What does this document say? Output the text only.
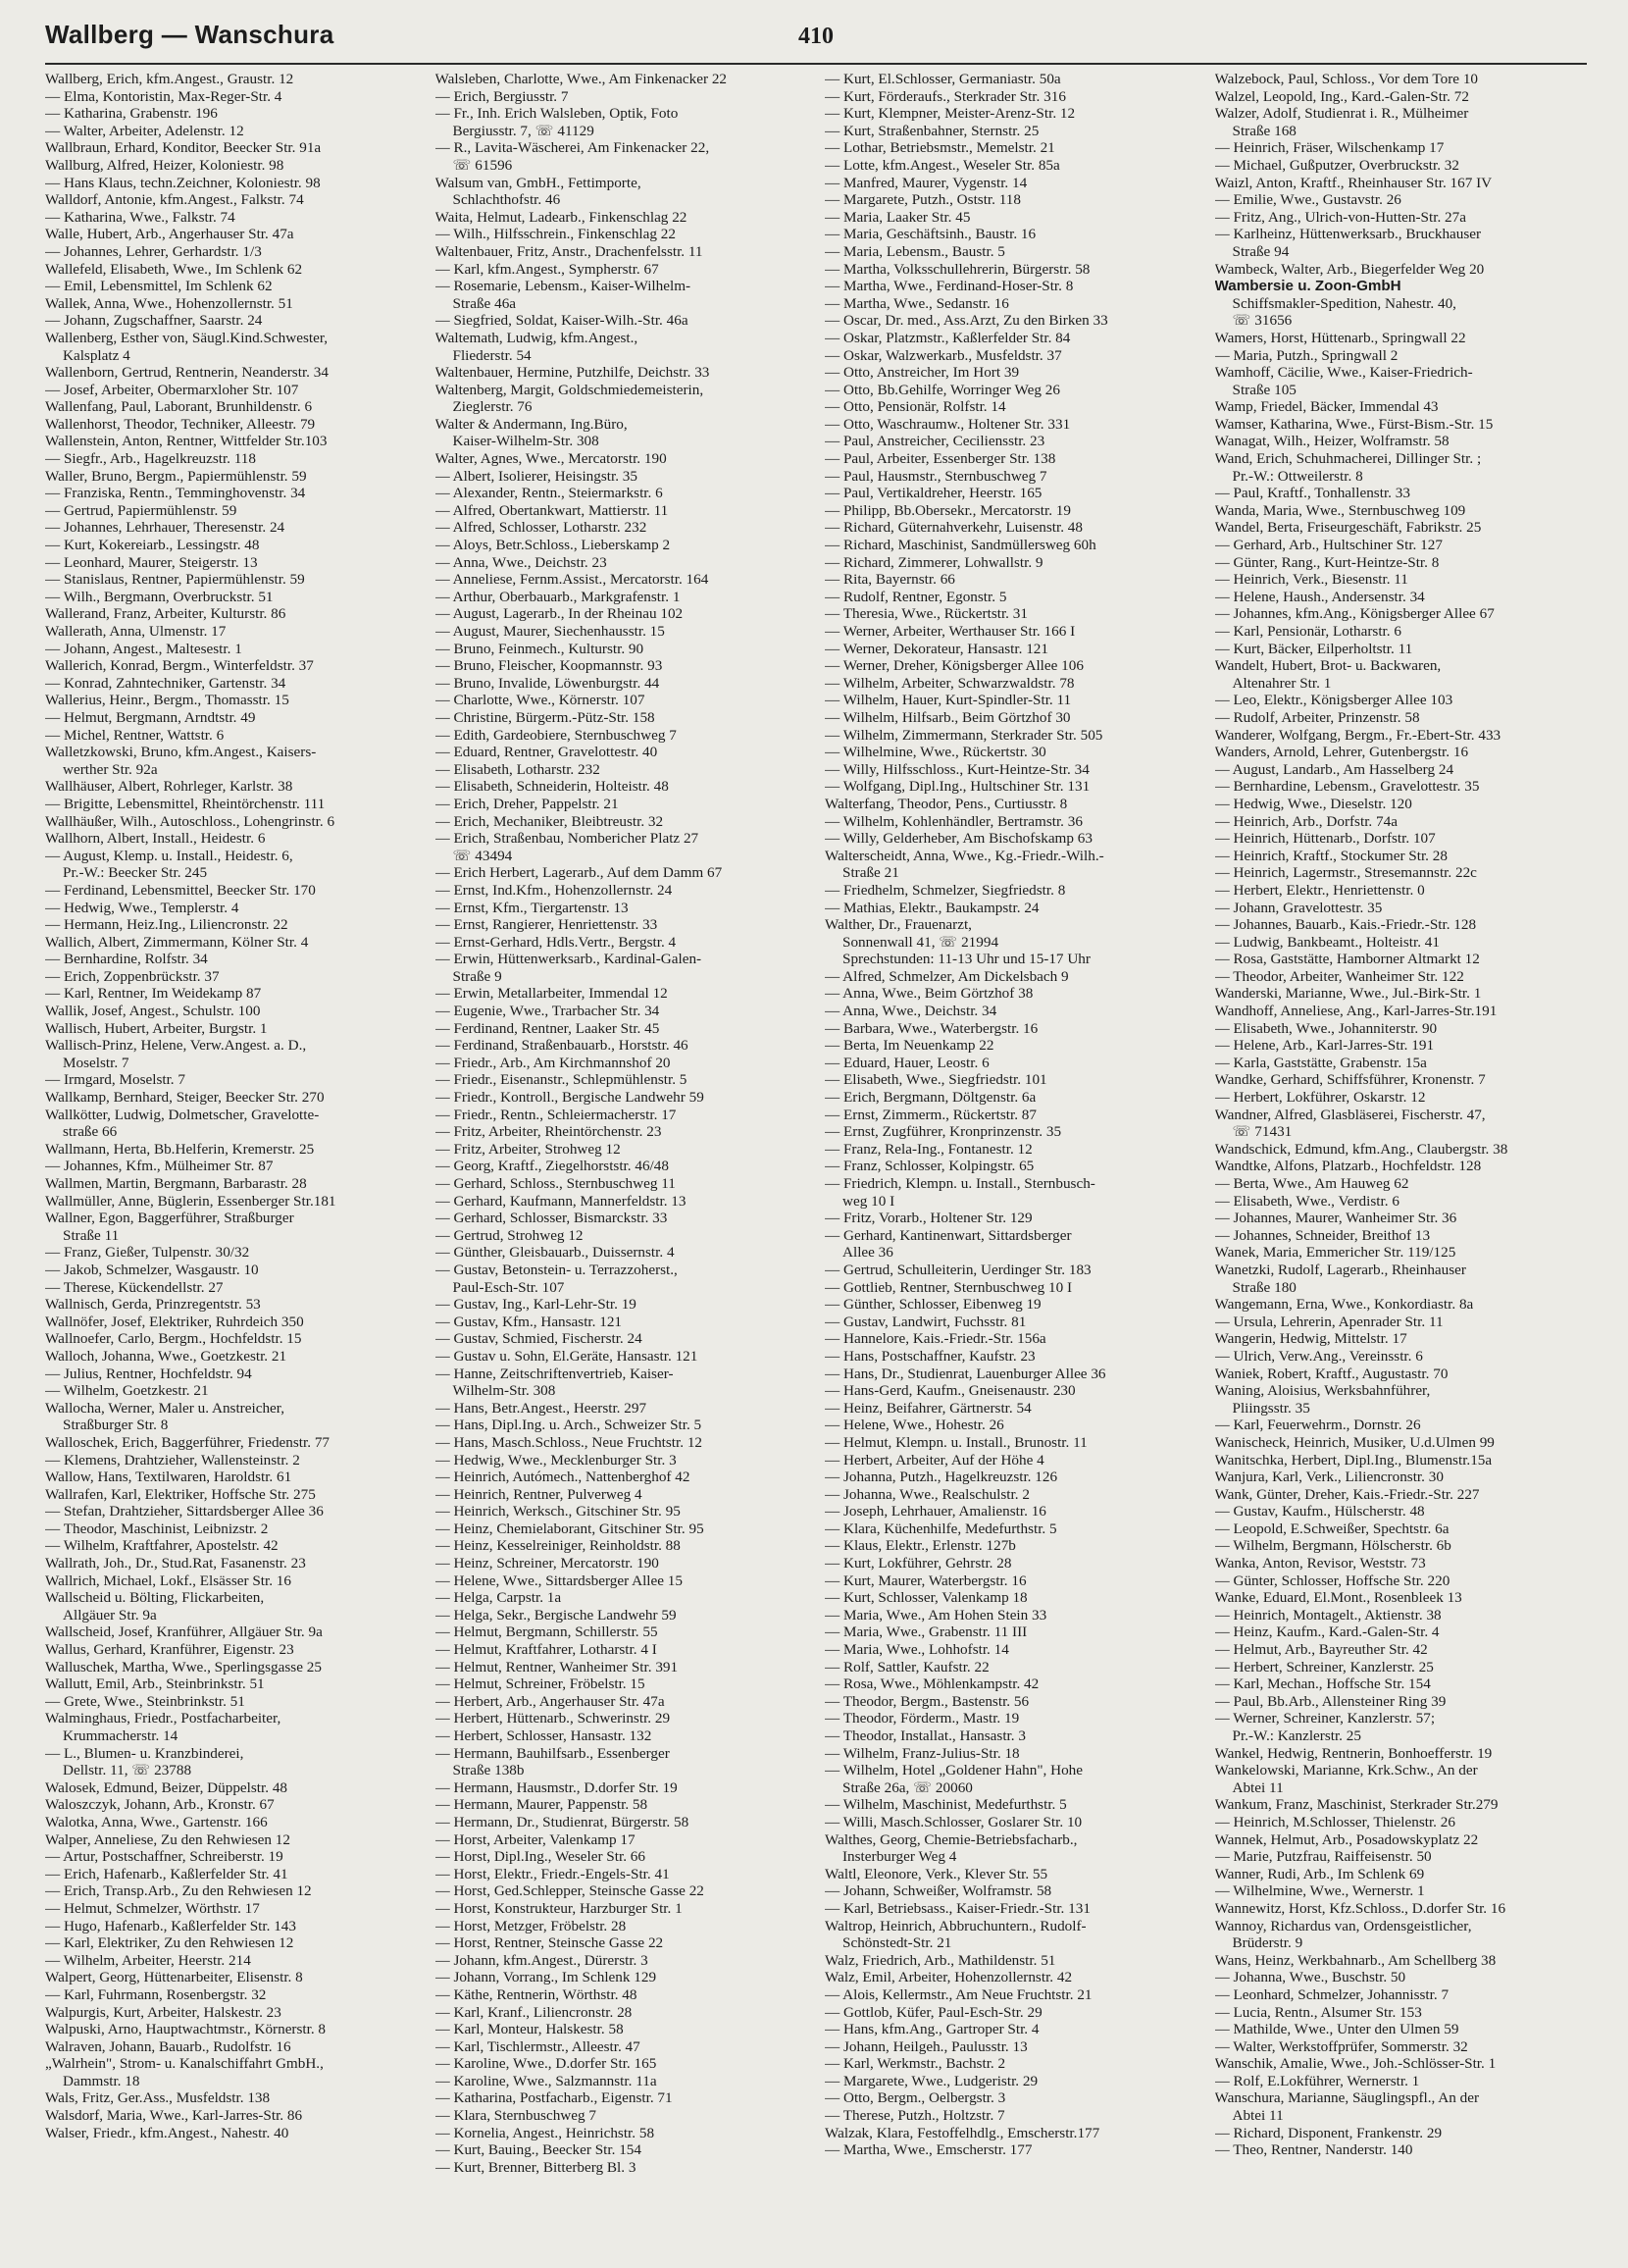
Wallberg — Wanschura	410
Wallberg, Erich, kfm.Angest., Graustr. 12
— Elma, Kontoristin, Max-Reger-Str. 4
— Katharina, Grabenstr. 196
— Walter, Arbeiter, Adelenstr. 12
Wallbraun, Erhard, Konditor, Beecker Str. 91a
Wallburg, Alfred, Heizer, Koloniestr. 98
— Hans Klaus, techn.Zeichner, Koloniestr. 98
Walldorf, Antonie, kfm.Angest., Falkstr. 74
— Katharina, Wwe., Falkstr. 74
Walle, Hubert, Arb., Angerhauser Str. 47a
— Johannes, Lehrer, Gerhardstr. 1/3
Wallefeld, Elisabeth, Wwe., Im Schlenk 62
— Emil, Lebensmittel, Im Schlenk 62
Wallek, Anna, Wwe., Hohenzollernstr. 51
— Johann, Zugschaffner, Saarstr. 24
Wallenberg, Esther von, Säugl.Kind.Schwester,
Kalsplatz 4
Wallenborn, Gertrud, Rentnerin, Neanderstr. 34
— Josef, Arbeiter, Obermarxloher Str. 107
Wallenfang, Paul, Laborant, Brunhildenstr. 6
Wallenhorst, Theodor, Techniker, Alleestr. 79
Wallenstein, Anton, Rentner, Wittfelder Str.103
— Siegfr., Arb., Hagelkreuzstr. 118
Waller, Bruno, Bergm., Papiermühlenstr. 59
— Franziska, Rentn., Temminghovenstr. 34
— Gertrud, Papiermühlenstr. 59
— Johannes, Lehrhauer, Theresenstr. 24
— Kurt, Kokereiarb., Lessingstr. 48
— Leonhard, Maurer, Steigerstr. 13
— Stanislaus, Rentner, Papiermühlenstr. 59
— Wilh., Bergmann, Overbruckstr. 51
Wallerand, Franz, Arbeiter, Kulturstr. 86
Wallerath, Anna, Ulmenstr. 17
— Johann, Angest., Maltesestr. 1
Wallerich, Konrad, Bergm., Winterfeldstr. 37
— Konrad, Zahntechniker, Gartenstr. 34
Wallerius, Heinr., Bergm., Thomasstr. 15
— Helmut, Bergmann, Arndtstr. 49
— Michel, Rentner, Wattstr. 6
Walletzkowski, Bruno, kfm.Angest., Kaisers-
werther Str. 92a
Wallhäuser, Albert, Rohrleger, Karlstr. 38
— Brigitte, Lebensmittel, Rheintörchenstr. 111
Wallhäußer, Wilh., Autoschloss., Lohengrinstr. 6
Wallhorn, Albert, Install., Heidestr. 6
— August, Klemp. u. Install., Heidestr. 6,
Pr.-W.: Beecker Str. 245
— Ferdinand, Lebensmittel, Beecker Str. 170
— Hedwig, Wwe., Templerstr. 4
— Hermann, Heiz.Ing., Liliencronstr. 22
Wallich, Albert, Zimmermann, Kölner Str. 4
— Bernhardine, Rolfstr. 34
— Erich, Zoppenbrückstr. 37
— Karl, Rentner, Im Weidekamp 87
Wallik, Josef, Angest., Schulstr. 100
Wallisch, Hubert, Arbeiter, Burgstr. 1
Wallisch-Prinz, Helene, Verw.Angest. a. D.,
Moselstr. 7
— Irmgard, Moselstr. 7
Wallkamp, Bernhard, Steiger, Beecker Str. 270
Wallkötter, Ludwig, Dolmetscher, Gravelotte-
straße 66
Wallmann, Herta, Bb.Helferin, Kremerstr. 25
— Johannes, Kfm., Mülheimer Str. 87
Wallmen, Martin, Bergmann, Barbarastr. 28
Wallmüller, Anne, Büglerin, Essenberger Str.181
Wallner, Egon, Baggerführer, Straßburger
Straße 11
— Franz, Gießer, Tulpenstr. 30/32
— Jakob, Schmelzer, Wasgaustr. 10
— Therese, Kückendellstr. 27
Wallnisch, Gerda, Prinzregentstr. 53
Wallnöfer, Josef, Elektriker, Ruhrdeich 350
Wallnoefer, Carlo, Bergm., Hochfeldstr. 15
Walloch, Johanna, Wwe., Goetzkestr. 21
— Julius, Rentner, Hochfeldstr. 94
— Wilhelm, Goetzkestr. 21
Wallocha, Werner, Maler u. Anstreicher,
Straßburger Str. 8
Walloschek, Erich, Baggerführer, Friedenstr. 77
— Klemens, Drahtzieher, Wallensteinstr. 2
Wallow, Hans, Textilwaren, Haroldstr. 61
Wallrafen, Karl, Elektriker, Hoffsche Str. 275
— Stefan, Drahtzieher, Sittardsberger Allee 36
— Theodor, Maschinist, Leibnizstr. 2
— Wilhelm, Kraftfahrer, Apostelstr. 42
Wallrath, Joh., Dr., Stud.Rat, Fasanenstr. 23
Wallrich, Michael, Lokf., Elsässer Str. 16
Wallscheid u. Bölting, Flickarbeiten,
Allgäuer Str. 9a
Wallscheid, Josef, Kranführer, Allgäuer Str. 9a
Wallus, Gerhard, Kranführer, Eigenstr. 23
Walluschek, Martha, Wwe., Sperlingsgasse 25
Wallutt, Emil, Arb., Steinbrinkstr. 51
— Grete, Wwe., Steinbrinkstr. 51
Walminghaus, Friedr., Postfacharbeiter,
Krummacherstr. 14
— L., Blumen- u. Kranzbinderei,
Dellstr. 11, ☏ 23788
Walosek, Edmund, Beizer, Düppelstr. 48
Waloszczyk, Johann, Arb., Kronstr. 67
Walotka, Anna, Wwe., Gartenstr. 166
Walper, Anneliese, Zu den Rehwiesen 12
— Artur, Postschaffner, Schreiberstr. 19
— Erich, Hafenarb., Kaßlerfelder Str. 41
— Erich, Transp.Arb., Zu den Rehwiesen 12
— Helmut, Schmelzer, Wörthstr. 17
— Hugo, Hafenarb., Kaßlerfelder Str. 143
— Karl, Elektriker, Zu den Rehwiesen 12
— Wilhelm, Arbeiter, Heerstr. 214
Walpert, Georg, Hüttenarbeiter, Elisenstr. 8
— Karl, Fuhrmann, Rosenbergstr. 32
Walpurgis, Kurt, Arbeiter, Halskestr. 23
Walpuski, Arno, Hauptwachtmstr., Körnerstr. 8
Walraven, Johann, Bauarb., Rudolfstr. 16
„Walrhein", Strom- u. Kanalschiffahrt GmbH.,
Dammstr. 18
Wals, Fritz, Ger.Ass., Musfeldstr. 138
Walsdorf, Maria, Wwe., Karl-Jarres-Str. 86
Walser, Friedr., kfm.Angest., Nahestr. 40
Walsleben, Charlotte, Wwe., Am Finkenacker 22
— Erich, Bergiusstr. 7
— Fr., Inh. Erich Walsleben, Optik, Foto
Bergiusstr. 7, ☏ 41129
— R., Lavita-Wäscherei, Am Finkenacker 22,
☏ 61596
Walsum van, GmbH., Fettimporte,
Schlachthofstr. 46
Waita, Helmut, Ladearb., Finkenschlag 22
— Wilh., Hilfsschrein., Finkenschlag 22
Waltenbauer, Fritz, Anstr., Drachenfelsstr. 11
— Karl, kfm.Angest., Sympherstr. 67
— Rosemarie, Lebensm., Kaiser-Wilhelm-
Straße 46a
— Siegfried, Soldat, Kaiser-Wilh.-Str. 46a
Waltemath, Ludwig, kfm.Angest.,
Fliederstr. 54
Waltenbauer, Hermine, Putzhilfe, Deichstr. 33
Waltenberg, Margit, Goldschmiedemeisterin,
Zieglerstr. 76
Walter & Andermann, Ing.Büro,
Kaiser-Wilhelm-Str. 308
Walter, Agnes, Wwe., Mercatorstr. 190
— Albert, Isolierer, Heisingstr. 35
— Alexander, Rentn., Steiermarkstr. 6
— Alfred, Obertankwart, Mattierstr. 11
— Alfred, Schlosser, Lotharstr. 232
— Aloys, Betr.Schloss., Lieberskamp 2
— Anna, Wwe., Deichstr. 23
— Anneliese, Fernm.Assist., Mercatorstr. 164
— Arthur, Oberbauarb., Markgrafenstr. 1
— August, Lagerarb., In der Rheinau 102
— August, Maurer, Siechenhausstr. 15
— Bruno, Feinmech., Kulturstr. 90
— Bruno, Fleischer, Koopmannstr. 93
— Bruno, Invalide, Löwenburgstr. 44
— Charlotte, Wwe., Körnerstr. 107
— Christine, Bürgerm.-Pütz-Str. 158
— Edith, Gardeobiere, Sternbuschweg 7
— Eduard, Rentner, Gravelottestr. 40
— Elisabeth, Lotharstr. 232
— Elisabeth, Schneiderin, Holteistr. 48
— Erich, Dreher, Pappelstr. 21
— Erich, Mechaniker, Bleibtreustr. 32
— Erich, Straßenbau, Nombericher Platz 27
☏ 43494
— Erich Herbert, Lagerarb., Auf dem Damm 67
— Ernst, Ind.Kfm., Hohenzollernstr. 24
— Ernst, Kfm., Tiergartenstr. 13
— Ernst, Rangierer, Henriettenstr. 33
— Ernst-Gerhard, Hdls.Vertr., Bergstr. 4
— Erwin, Hüttenwerksarb., Kardinal-Galen-
Straße 9
— Erwin, Metallarbeiter, Immendal 12
— Eugenie, Wwe., Trarbacher Str. 34
— Ferdinand, Rentner, Laaker Str. 45
— Ferdinand, Straßenbauarb., Horststr. 46
— Friedr., Arb., Am Kirchmannshof 20
— Friedr., Eisenanstr., Schlepmühlenstr. 5
— Friedr., Kontroll., Bergische Landwehr 59
— Friedr., Rentn., Schleiermacherstr. 17
— Fritz, Arbeiter, Rheintörchenstr. 23
— Fritz, Arbeiter, Strohweg 12
— Georg, Kraftf., Ziegelhorststr. 46/48
— Gerhard, Schloss., Sternbuschweg 11
— Gerhard, Kaufmann, Mannerfeldstr. 13
— Gerhard, Schlosser, Bismarckstr. 33
— Gertrud, Strohweg 12
— Günther, Gleisbauarb., Duissernstr. 4
— Gustav, Betonstein- u. Terrazzoherst.,
Paul-Esch-Str. 107
— Gustav, Ing., Karl-Lehr-Str. 19
— Gustav, Kfm., Hansastr. 121
— Gustav, Schmied, Fischerstr. 24
— Gustav u. Sohn, El.Geräte, Hansastr. 121
— Hanne, Zeitschriftenvertrieb, Kaiser-
Wilhelm-Str. 308
— Hans, Betr.Angest., Heerstr. 297
— Hans, Dipl.Ing. u. Arch., Schweizer Str. 5
— Hans, Masch.Schloss., Neue Fruchtstr. 12
— Hedwig, Wwe., Mecklenburger Str. 3
— Heinrich, Autómech., Nattenberghof 42
— Heinrich, Rentner, Pulverweg 4
— Heinrich, Werksch., Gitschiner Str. 95
— Heinz, Chemielaborant, Gitschiner Str. 95
— Heinz, Kesselreiniger, Reinholdstr. 88
— Heinz, Schreiner, Mercatorstr. 190
— Helene, Wwe., Sittardsberger Allee 15
— Helga, Carpstr. 1a
— Helga, Sekr., Bergische Landwehr 59
— Helmut, Bergmann, Schillerstr. 55
— Helmut, Kraftfahrer, Lotharstr. 4 I
— Helmut, Rentner, Wanheimer Str. 391
— Helmut, Schreiner, Fröbelstr. 15
— Herbert, Arb., Angerhauser Str. 47a
— Herbert, Hüttenarb., Schwerinstr. 29
— Herbert, Schlosser, Hansastr. 132
— Hermann, Bauhilfsarb., Essenberger
Straße 138b
— Hermann, Hausmstr., D.dorfer Str. 19
— Hermann, Maurer, Pappenstr. 58
— Hermann, Dr., Studienrat, Bürgerstr. 58
— Horst, Arbeiter, Valenkamp 17
— Horst, Dipl.Ing., Weseler Str. 66
— Horst, Elektr., Friedr.-Engels-Str. 41
— Horst, Ged.Schlepper, Steinsche Gasse 22
— Horst, Konstrukteur, Harzburger Str. 1
— Horst, Metzger, Fröbelstr. 28
— Horst, Rentner, Steinsche Gasse 22
— Johann, kfm.Angest., Dürerstr. 3
— Johann, Vorrang., Im Schlenk 129
— Käthe, Rentnerin, Wörthstr. 48
— Karl, Kranf., Liliencronstr. 28
— Karl, Monteur, Halskestr. 58
— Karl, Tischlermstr., Alleestr. 47
— Karoline, Wwe., D.dorfer Str. 165
— Karoline, Wwe., Salzmannstr. 11a
— Katharina, Postfacharb., Eigenstr. 71
— Klara, Sternbuschweg 7
— Kornelia, Angest., Heinrichstr. 58
— Kurt, Bauing., Beecker Str. 154
— Kurt, Brenner, Bitterberg Bl. 3
— Kurt, El.Schlosser, Germaniastr. 50a
— Kurt, Förderaufs., Sterkrader Str. 316
— Kurt, Klempner, Meister-Arenz-Str. 12
— Kurt, Straßenbahner, Sternstr. 25
— Lothar, Betriebsmstr., Memelstr. 21
— Lotte, kfm.Angest., Weseler Str. 85a
— Manfred, Maurer, Vygenstr. 14
— Margarete, Putzh., Oststr. 118
— Maria, Laaker Str. 45
— Maria, Geschäftsinh., Baustr. 16
— Maria, Lebensm., Baustr. 5
— Martha, Volksschullehrerin, Bürgerstr. 58
— Martha, Wwe., Ferdinand-Hoser-Str. 8
— Martha, Wwe., Sedanstr. 16
— Oscar, Dr. med., Ass.Arzt, Zu den Birken 33
— Oskar, Platzmstr., Kaßlerfelder Str. 84
— Oskar, Walzwerkarb., Musfeldstr. 37
— Otto, Anstreicher, Im Hort 39
— Otto, Bb.Gehilfe, Worringer Weg 26
— Otto, Pensionär, Rolfstr. 14
— Otto, Waschraumw., Holtener Str. 331
— Paul, Anstreicher, Ceciliensstr. 23
— Paul, Arbeiter, Essenberger Str. 138
— Paul, Hausmstr., Sternbuschweg 7
— Paul, Vertikaldreher, Heerstr. 165
— Philipp, Bb.Obersekr., Mercatorstr. 19
— Richard, Güternahverkehr, Luisenstr. 48
— Richard, Maschinist, Sandmüllersweg 60h
— Richard, Zimmerer, Lohwallstr. 9
— Rita, Bayernstr. 66
— Rudolf, Rentner, Egonstr. 5
— Theresia, Wwe., Rückertstr. 31
— Werner, Arbeiter, Werthauser Str. 166 I
— Werner, Dekorateur, Hansastr. 121
— Werner, Dreher, Königsberger Allee 106
— Wilhelm, Arbeiter, Schwarzwaldstr. 78
— Wilhelm, Hauer, Kurt-Spindler-Str. 11
— Wilhelm, Hilfsarb., Beim Görtzhof 30
— Wilhelm, Zimmermann, Sterkrader Str. 505
— Wilhelmine, Wwe., Rückertstr. 30
— Willy, Hilfsschloss., Kurt-Heintze-Str. 34
— Wolfgang, Dipl.Ing., Hultschiner Str. 131
Walterfang, Theodor, Pens., Curtiusstr. 8
— Wilhelm, Kohlenhändler, Bertramstr. 36
— Willy, Gelderheber, Am Bischofskamp 63
Walterscheidt, Anna, Wwe., Kg.-Friedr.-Wilh.-
Straße 21
— Friedhelm, Schmelzer, Siegfriedstr. 8
— Mathias, Elektr., Baukampstr. 24
Walther, Dr., Frauenarzt,
Sonnenwall 41, ☏ 21994
Sprechstunden: 11-13 Uhr und 15-17 Uhr
— Alfred, Schmelzer, Am Dickelsbach 9
— Anna, Wwe., Beim Görtzhof 38
— Anna, Wwe., Deichstr. 34
— Barbara, Wwe., Waterbergstr. 16
— Berta, Im Neuenkamp 22
— Eduard, Hauer, Leostr. 6
— Elisabeth, Wwe., Siegfriedstr. 101
— Erich, Bergmann, Döltgenstr. 6a
— Ernst, Zimmerm., Rückertstr. 87
— Ernst, Zugführer, Kronprinzenstr. 35
— Franz, Rela-Ing., Fontanestr. 12
— Franz, Schlosser, Kolpingstr. 65
— Friedrich, Klempn. u. Install., Sternbusch-
weg 10 I
— Fritz, Vorarb., Holtener Str. 129
— Gerhard, Kantinenwart, Sittardsberger
Allee 36
— Gertrud, Schulleiterin, Uerdinger Str. 183
— Gottlieb, Rentner, Sternbuschweg 10 I
— Günther, Schlosser, Eibenweg 19
— Gustav, Landwirt, Fuchsstr. 81
— Hannelore, Kais.-Friedr.-Str. 156a
— Hans, Postschaffner, Kaufstr. 23
— Hans, Dr., Studienrat, Lauenburger Allee 36
— Hans-Gerd, Kaufm., Gneisenaustr. 230
— Heinz, Beifahrer, Gärtnerstr. 54
— Helene, Wwe., Hohestr. 26
— Helmut, Klempn. u. Install., Brunostr. 11
— Herbert, Arbeiter, Auf der Höhe 4
— Johanna, Putzh., Hagelkreuzstr. 126
— Johanna, Wwe., Realschulstr. 2
— Joseph, Lehrhauer, Amalienstr. 16
— Klara, Küchenhilfe, Medefurthstr. 5
— Klaus, Elektr., Erlenstr. 127b
— Kurt, Lokführer, Gehrstr. 28
— Kurt, Maurer, Waterbergstr. 16
— Kurt, Schlosser, Valenkamp 18
— Maria, Wwe., Am Hohen Stein 33
— Maria, Wwe., Grabenstr. 11 III
— Maria, Wwe., Lohhofstr. 14
— Rolf, Sattler, Kaufstr. 22
— Rosa, Wwe., Möhlenkampstr. 42
— Theodor, Bergm., Bastenstr. 56
— Theodor, Förderm., Mastr. 19
— Theodor, Installat., Hansastr. 3
— Wilhelm, Franz-Julius-Str. 18
— Wilhelm, Hotel „Goldener Hahn", Hohe
Straße 26a, ☏ 20060
— Wilhelm, Maschinist, Medefurthstr. 5
— Willi, Masch.Schlosser, Goslarer Str. 10
Walthes, Georg, Chemie-Betriebsfacharb.,
Insterburger Weg 4
Waltl, Eleonore, Verk., Klever Str. 55
— Johann, Schweißer, Wolframstr. 58
— Karl, Betriebsass., Kaiser-Friedr.-Str. 131
Waltrop, Heinrich, Abbruchuntern., Rudolf-
Schönstedt-Str. 21
Walz, Friedrich, Arb., Mathildenstr. 51
Walz, Emil, Arbeiter, Hohenzollernstr. 42
— Alois, Kellermstr., Am Neue Fruchtstr. 21
— Gottlob, Küfer, Paul-Esch-Str. 29
— Hans, kfm.Ang., Gartroper Str. 4
— Johann, Heilgeh., Paulusstr. 13
— Karl, Werkmstr., Bachstr. 2
— Margarete, Wwe., Ludgeristr. 29
— Otto, Bergm., Oelbergstr. 3
— Therese, Putzh., Holtzstr. 7
Walzak, Klara, Festoffelhdlg., Emscherstr.177
— Martha, Wwe., Emscherstr. 177
Walzebock, Paul, Schloss., Vor dem Tore 10
Walzel, Leopold, Ing., Kard.-Galen-Str. 72
Walzer, Adolf, Studienrat i. R., Mülheimer
Straße 168
— Heinrich, Fräser, Wilschenkamp 17
— Michael, Gußputzer, Overbruckstr. 32
Waizl, Anton, Kraftf., Rheinhauser Str. 167 IV
— Emilie, Wwe., Gustavstr. 26
— Fritz, Ang., Ulrich-von-Hutten-Str. 27a
— Karlheinz, Hüttenwerksarb., Bruckhauser
Straße 94
Wambeck, Walter, Arb., Biegerfelder Weg 20
Wambersie u. Zoon-GmbH
Schiffsmakler-Spedition, Nahestr. 40,
☏ 31656
Wamers, Horst, Hüttenarb., Springwall 22
— Maria, Putzh., Springwall 2
Wamhoff, Cäcilie, Wwe., Kaiser-Friedrich-
Straße 105
Wamp, Friedel, Bäcker, Immendal 43
Wamser, Katharina, Wwe., Fürst-Bism.-Str. 15
Wanagat, Wilh., Heizer, Wolframstr. 58
Wand, Erich, Schuhmacherei, Dillinger Str. ;
Pr.-W.: Ottweilerstr. 8
— Paul, Kraftf., Tonhallenstr. 33
Wanda, Maria, Wwe., Sternbuschweg 109
Wandel, Berta, Friseurgeschäft, Fabrikstr. 25
— Gerhard, Arb., Hultschiner Str. 127
— Günter, Rang., Kurt-Heintze-Str. 8
— Heinrich, Verk., Biesenstr. 11
— Helene, Haush., Andersenstr. 34
— Johannes, kfm.Ang., Königsberger Allee 67
— Karl, Pensionär, Lotharstr. 6
— Kurt, Bäcker, Eilperholtstr. 11
Wandelt, Hubert, Brot- u. Backwaren,
Altenahrer Str. 1
— Leo, Elektr., Königsberger Allee 103
— Rudolf, Arbeiter, Prinzenstr. 58
Wanderer, Wolfgang, Bergm., Fr.-Ebert-Str. 433
Wanders, Arnold, Lehrer, Gutenbergstr. 16
— August, Landarb., Am Hasselberg 24
— Bernhardine, Lebensm., Gravelottestr. 35
— Hedwig, Wwe., Dieselstr. 120
— Heinrich, Arb., Dorfstr. 74a
— Heinrich, Hüttenarb., Dorfstr. 107
— Heinrich, Kraftf., Stockumer Str. 28
— Heinrich, Lagermstr., Stresemannstr. 22c
— Herbert, Elektr., Henriettenstr. 0
— Johann, Gravelottestr. 35
— Johannes, Bauarb., Kais.-Friedr.-Str. 128
— Ludwig, Bankbeamt., Holteistr. 41
— Rosa, Gaststätte, Hamborner Altmarkt 12
— Theodor, Arbeiter, Wanheimer Str. 122
Wanderski, Marianne, Wwe., Jul.-Birk-Str. 1
Wandhoff, Anneliese, Ang., Karl-Jarres-Str.191
— Elisabeth, Wwe., Johanniterstr. 90
— Helene, Arb., Karl-Jarres-Str. 191
— Karla, Gaststätte, Grabenstr. 15a
Wandke, Gerhard, Schiffsführer, Kronenstr. 7
— Herbert, Lokführer, Oskarstr. 12
Wandner, Alfred, Glasbläserei, Fischerstr. 47,
☏ 71431
Wandschick, Edmund, kfm.Ang., Claubergstr. 38
Wandtke, Alfons, Platzarb., Hochfeldstr. 128
— Berta, Wwe., Am Hauweg 62
— Elisabeth, Wwe., Verdistr. 6
— Johannes, Maurer, Wanheimer Str. 36
— Johannes, Schneider, Breithof 13
Wanek, Maria, Emmericher Str. 119/125
Wanetzki, Rudolf, Lagerarb., Rheinhauser
Straße 180
Wangemann, Erna, Wwe., Konkordiastr. 8a
— Ursula, Lehrerin, Apenrader Str. 11
Wangerin, Hedwig, Mittelstr. 17
— Ulrich, Verw.Ang., Vereinsstr. 6
Waniek, Robert, Kraftf., Augustastr. 70
Waning, Aloisius, Werksbahnführer,
Pliingsstr. 35
— Karl, Feuerwehrm., Dornstr. 26
Wanischeck, Heinrich, Musiker, U.d.Ulmen 99
Wanitschka, Herbert, Dipl.Ing., Blumenstr.15a
Wanjura, Karl, Verk., Liliencronstr. 30
Wank, Günter, Dreher, Kais.-Friedr.-Str. 227
— Gustav, Kaufm., Hülscherstr. 48
— Leopold, E.Schweißer, Spechtstr. 6a
— Wilhelm, Bergmann, Hölscherstr. 6b
Wanka, Anton, Revisor, Weststr. 73
— Günter, Schlosser, Hoffsche Str. 220
Wanke, Eduard, El.Mont., Rosenbleek 13
— Heinrich, Montagelt., Aktienstr. 38
— Heinz, Kaufm., Kard.-Galen-Str. 4
— Helmut, Arb., Bayreuther Str. 42
— Herbert, Schreiner, Kanzlerstr. 25
— Karl, Mechan., Hoffsche Str. 154
— Paul, Bb.Arb., Allensteiner Ring 39
— Werner, Schreiner, Kanzlerstr. 57;
Pr.-W.: Kanzlerstr. 25
Wankel, Hedwig, Rentnerin, Bonhoefferstr. 19
Wankelowski, Marianne, Krk.Schw., An der
Abtei 11
Wankum, Franz, Maschinist, Sterkrader Str.279
— Heinrich, M.Schlosser, Thielenstr. 26
Wannek, Helmut, Arb., Posadowskyplatz 22
— Marie, Putzfrau, Raiffeisenstr. 50
Wanner, Rudi, Arb., Im Schlenk 69
— Wilhelmine, Wwe., Wernerstr. 1
Wannewitz, Horst, Kfz.Schloss., D.dorfer Str. 16
Wannoy, Richardus van, Ordensgeistlicher,
Brüderstr. 9
Wans, Heinz, Werkbahnarb., Am Schellberg 38
— Johanna, Wwe., Buschstr. 50
— Leonhard, Schmelzer, Johannisstr. 7
— Lucia, Rentn., Alsumer Str. 153
— Mathilde, Wwe., Unter den Ulmen 59
— Walter, Werkstoffprüfer, Sommerstr. 32
Wanschik, Amalie, Wwe., Joh.-Schlösser-Str. 1
— Rolf, E.Lokführer, Wernerstr. 1
Wanschura, Marianne, Säuglingspfl., An der
Abtei 11
— Richard, Disponent, Frankenstr. 29
— Theo, Rentner, Nanderstr. 140
